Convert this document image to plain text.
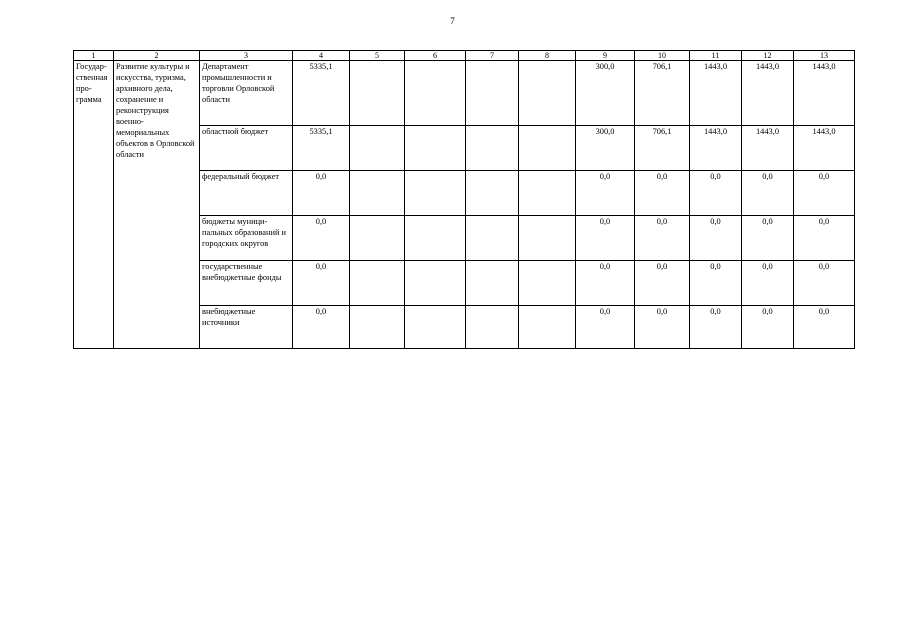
7
1	2	3	4	5	6	7	8	9	10	11	12	13

Государ-
ственная
про-
грамма	Развитие культуры и искусства, туризма, архивного дела, сохранение и реконструкция военно-мемориальных объектов в Орловской области	Департамент промышленности и торговли Орловской области	5335,1					300,0	706,1	1443,0	1443,0	1443,0
		областной бюджет	5335,1					300,0	706,1	1443,0	1443,0	1443,0
		федеральный бюджет	0,0					0,0	0,0	0,0	0,0	0,0
		бюджеты муници-пальных образований и городских округов	0,0					0,0	0,0	0,0	0,0	0,0
		государственные внебюджетные фонды	0,0					0,0	0,0	0,0	0,0	0,0
		внебюджетные источники	0,0					0,0	0,0	0,0	0,0	0,0
